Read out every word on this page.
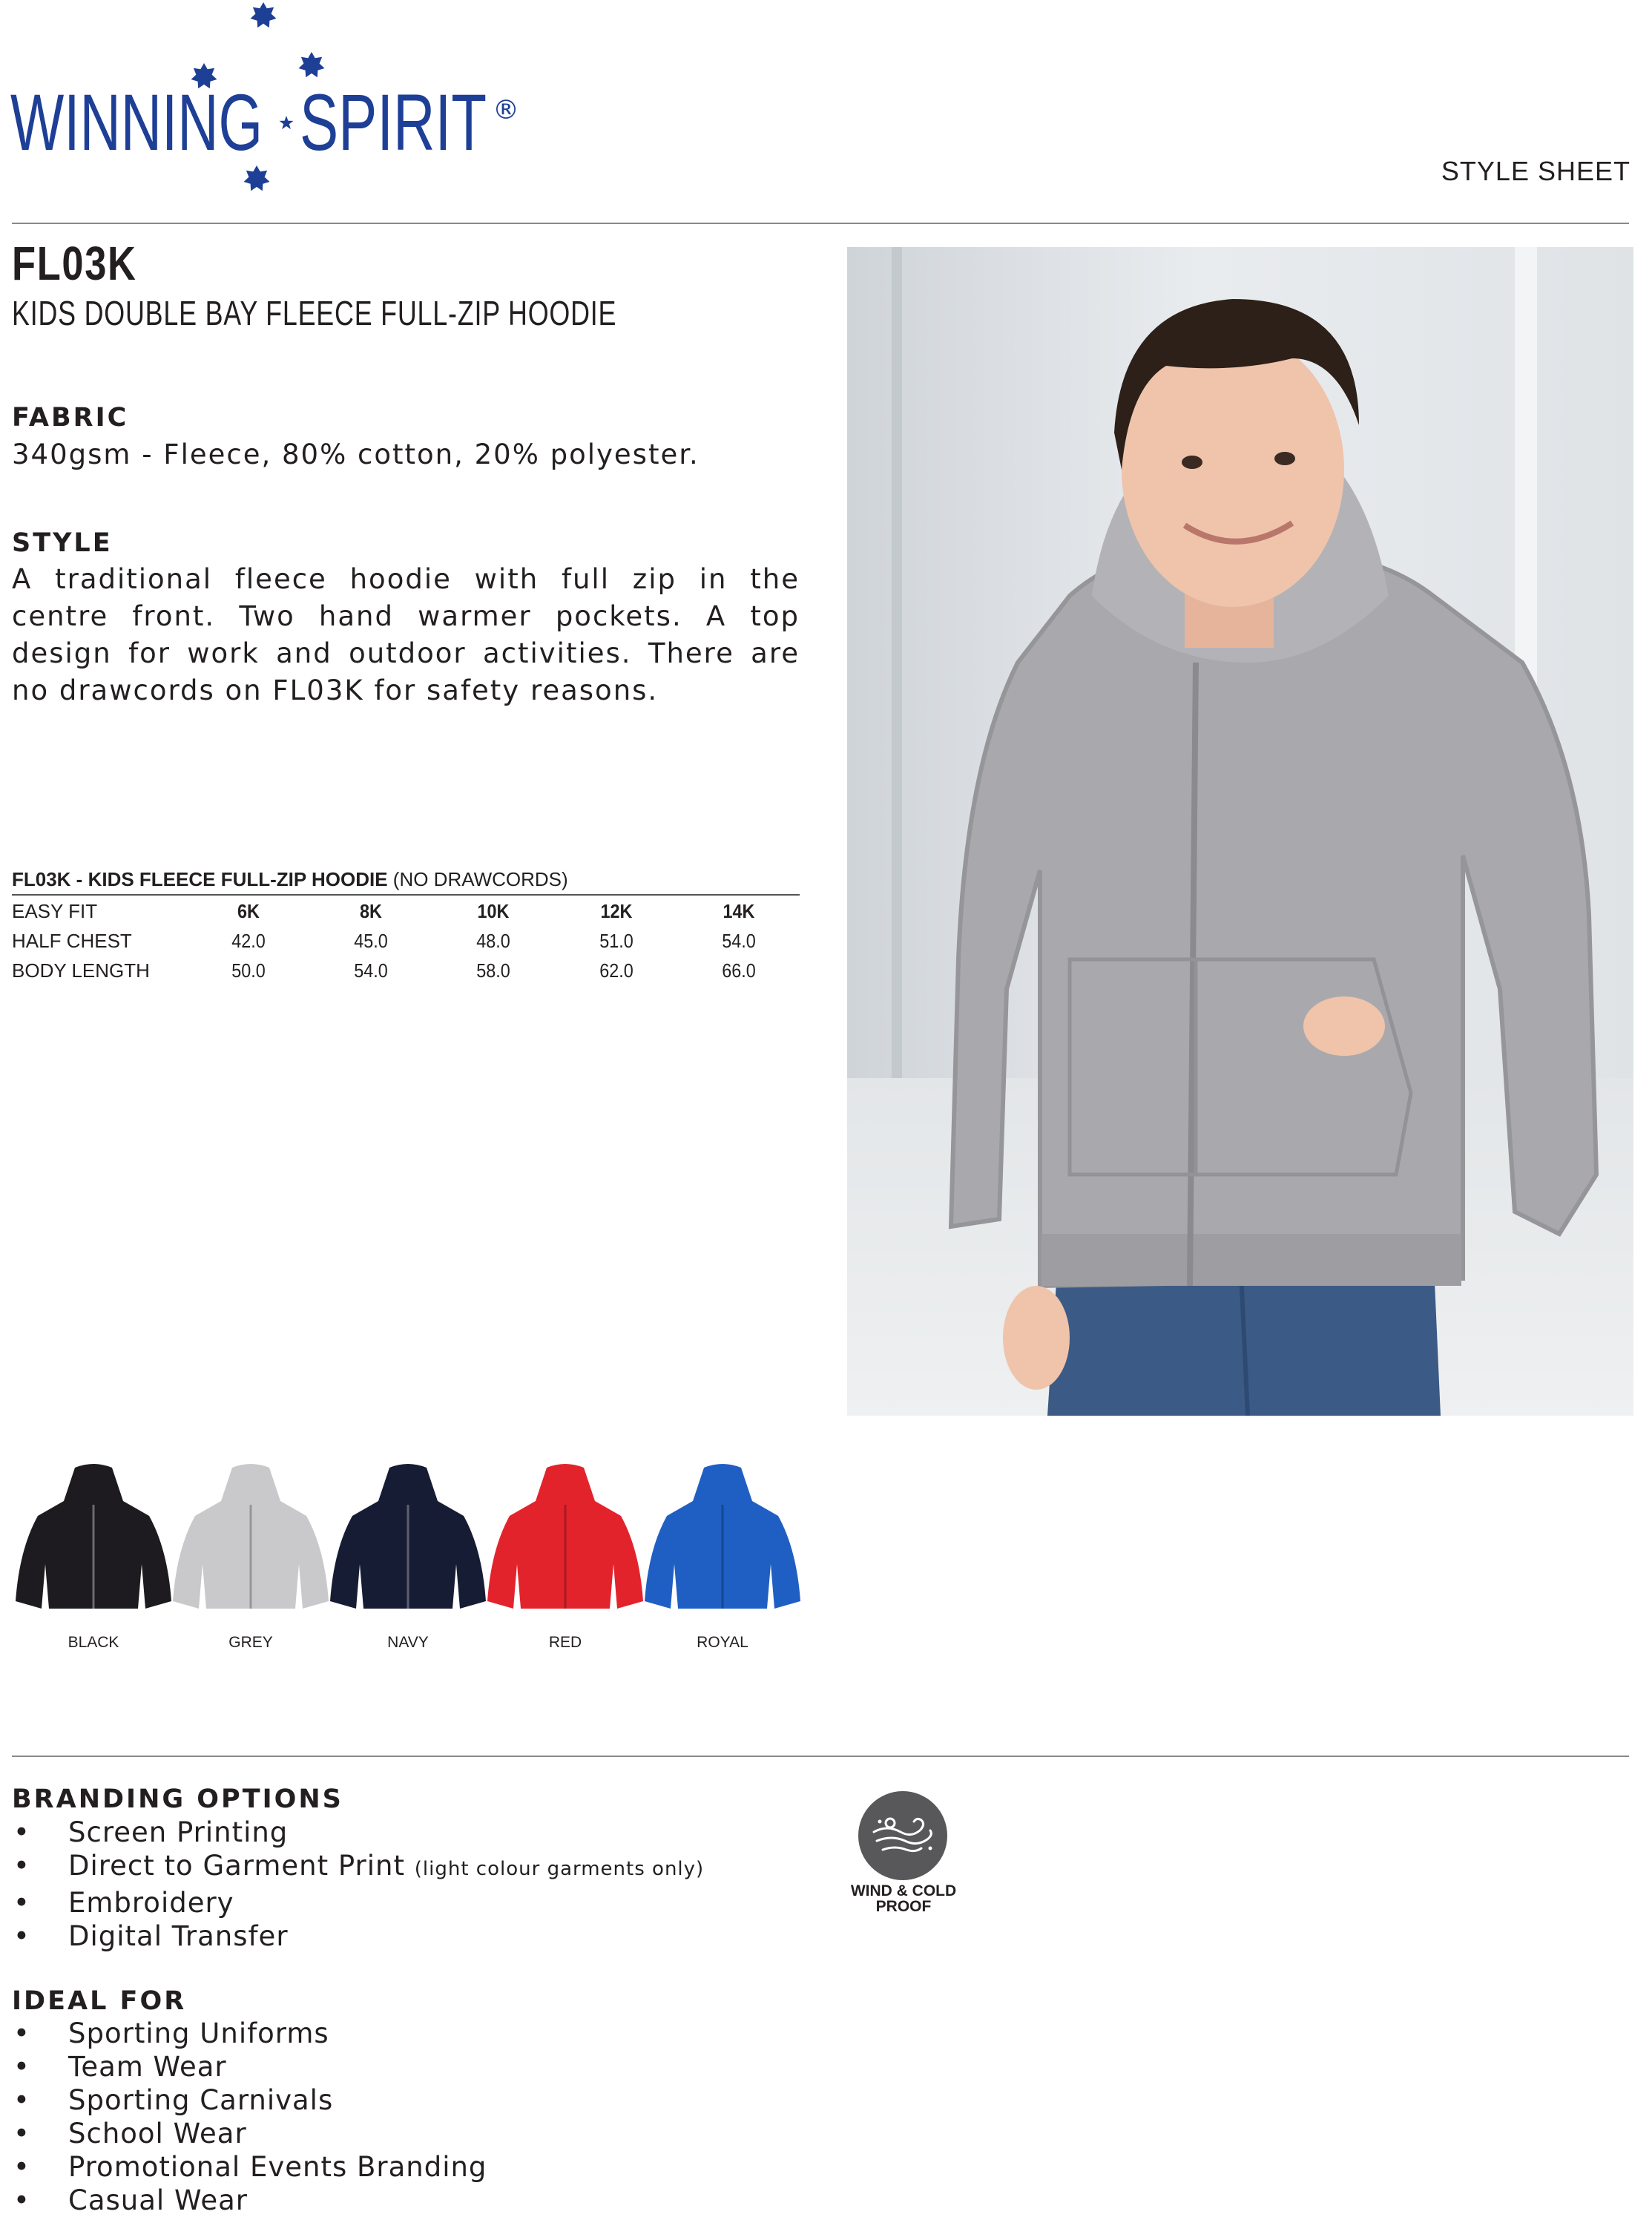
WINNING SPIRIT ®
STYLE SHEET
FL03K
KIDS DOUBLE BAY FLEECE FULL-ZIP HOODIE
FABRIC
340gsm - Fleece, 80% cotton, 20% polyester.
STYLE
A traditional fleece hoodie with full zip in the centre front. Two hand warmer pockets. A top design for work and outdoor activities. There are no drawcords on FL03K for safety reasons.
FL03K - KIDS FLEECE FULL-ZIP HOODIE (NO DRAWCORDS)
EASY FIT	6K	8K	10K	12K	14K
HALF CHEST	42.0	45.0	48.0	51.0	54.0
BODY LENGTH	50.0	54.0	58.0	62.0	66.0
BLACK	GREY	NAVY	RED	ROYAL
BRANDING OPTIONS
• Screen Printing
• Direct to Garment Print (light colour garments only)
• Embroidery
• Digital Transfer
IDEAL FOR
• Sporting Uniforms
• Team Wear
• Sporting Carnivals
• School Wear
• Promotional Events Branding
• Casual Wear
WIND & COLD
PROOF
